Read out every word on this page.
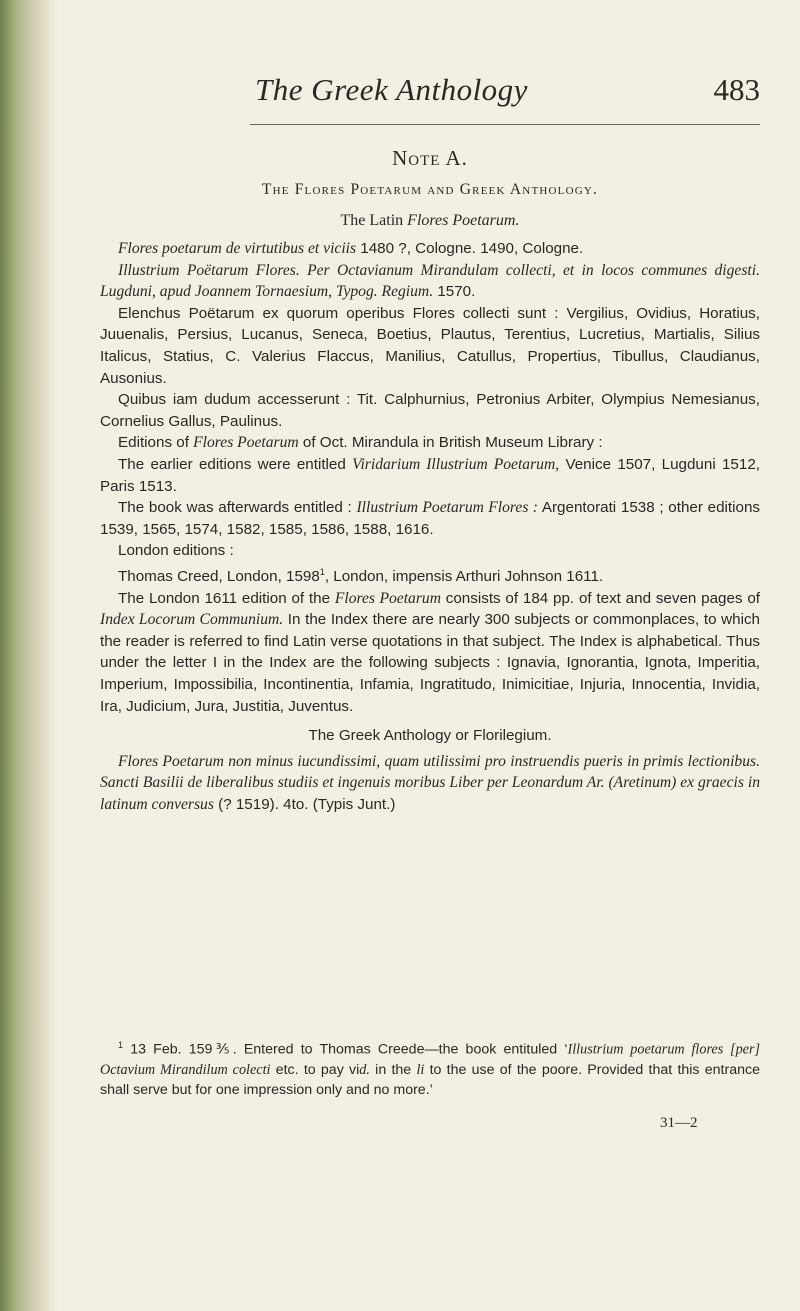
The Greek Anthology	483
Note A.
The Flores Poetarum and Greek Anthology.
The Latin Flores Poetarum.

Flores poetarum de virtutibus et viciis 1480 ?, Cologne. 1490, Cologne.

Illustrium Poëtarum Flores. Per Octavianum Mirandulam collecti, et in locos communes digesti. Lugduni, apud Joannem Tornaesium, Typog. Regium. 1570.

Elenchus Poëtarum ex quorum operibus Flores collecti sunt : Vergilius, Ovidius, Horatius, Juuenalis, Persius, Lucanus, Seneca, Boetius, Plautus, Terentius, Lucretius, Martialis, Silius Italicus, Statius, C. Valerius Flaccus, Manilius, Catullus, Propertius, Tibullus, Claudianus, Ausonius.

Quibus iam dudum accesserunt : Tit. Calphurnius, Petronius Arbiter, Olympius Nemesianus, Cornelius Gallus, Paulinus.

Editions of Flores Poetarum of Oct. Mirandula in British Museum Library :

The earlier editions were entitled Viridarium Illustrium Poetarum, Venice 1507, Lugduni 1512, Paris 1513.

The book was afterwards entitled : Illustrium Poetarum Flores : Argentorati 1538 ; other editions 1539, 1565, 1574, 1582, 1585, 1586, 1588, 1616.

London editions :

Thomas Creed, London, 1598$^1$, London, impensis Arthuri Johnson 1611.

The London 1611 edition of the Flores Poetarum consists of 184 pp. of text and seven pages of Index Locorum Communium. In the Index there are nearly 300 subjects or commonplaces, to which the reader is referred to find Latin verse quotations in that subject. The Index is alphabetical. Thus under the letter I in the Index are the following subjects : Ignavia, Ignorantia, Ignota, Imperitia, Imperium, Impossibilia, Incontinentia, Infamia, Ingratitudo, Inimicitiae, Injuria, Innocentia, Invidia, Ira, Judicium, Jura, Justitia, Juventus.

The Greek Anthology or Florilegium.

Flores Poetarum non minus iucundissimi, quam utilissimi pro instruendis pueris in primis lectionibus. Sancti Basilii de liberalibus studiis et ingenuis moribus Liber per Leonardum Ar. (Aretinum) ex graecis in latinum conversus (? 1519). 4to. (Typis Junt.)

$^1$ 13 Feb. 159⅗. Entered to Thomas Creede—the book entituled ‘Illustrium poetarum flores [per] Octavium Mirandilum colecti etc. to pay vid. in the li to the use of the poore. Provided that this entrance shall serve but for one impression only and no more.’

31—2
